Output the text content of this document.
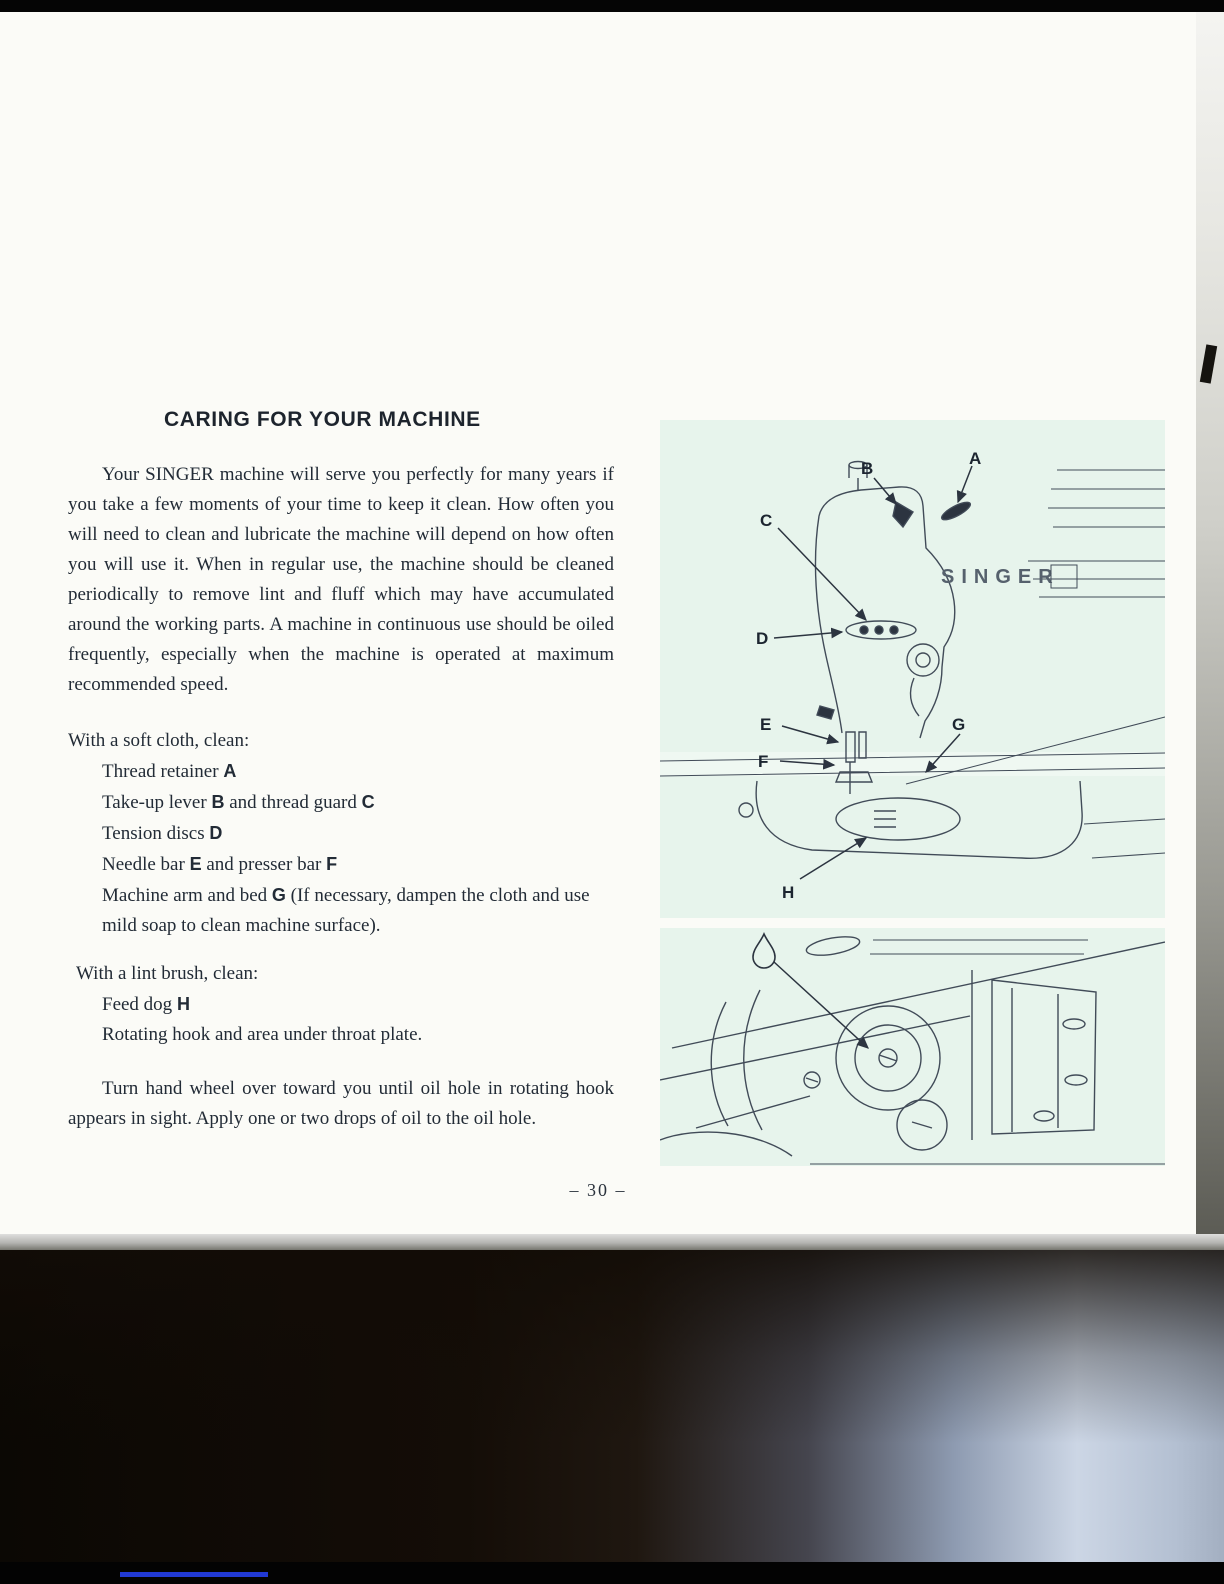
CARING FOR YOUR MACHINE

Your SINGER machine will serve you perfectly for many years if you take a few moments of your time to keep it clean. How often you will need to clean and lubricate the machine will depend on how often you will use it. When in regular use, the machine should be cleaned periodically to remove lint and fluff which may have accumulated around the working parts. A machine in continuous use should be oiled frequently, especially when the machine is operated at maximum recommended speed.

With a soft cloth, clean:

Thread retainer A
Take-up lever B and thread guard C
Tension discs D
Needle bar E and presser bar F
Machine arm and bed G (If necessary, dampen the cloth and use mild soap to clean machine surface).

With a lint brush, clean:

Feed dog H
Rotating hook and area under throat plate.

Turn hand wheel over toward you until oil hole in rotating hook appears in sight. Apply one or two drops of oil to the oil hole.

– 30 –
A
B
C
D
E
F
G
H
SINGER
